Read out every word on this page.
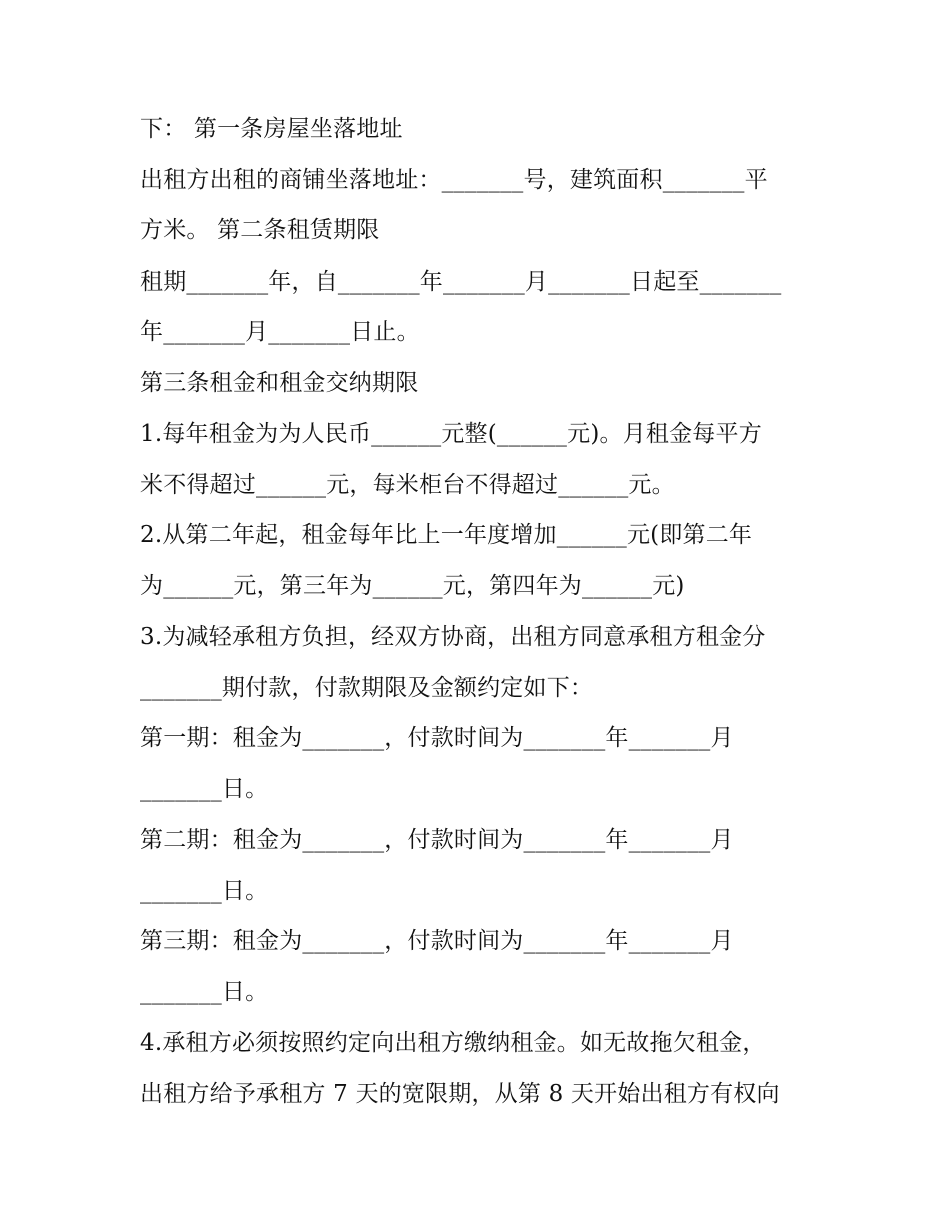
下： 第一条房屋坐落地址
出租方出租的商铺坐落地址：_______号，建筑面积_______平
方米。 第二条租赁期限
租期_______年，自_______年_______月_______日起至_______
年_______月_______日止。
第三条租金和租金交纳期限
1.每年租金为为人民币______元整(______元)。月租金每平方
米不得超过______元，每米柜台不得超过______元。
2.从第二年起，租金每年比上一年度增加______元(即第二年
为______元，第三年为______元，第四年为______元)
3.为减轻承租方负担，经双方协商，出租方同意承租方租金分
_______期付款，付款期限及金额约定如下：
第一期：租金为_______，付款时间为_______年_______月
_______日。
第二期：租金为_______，付款时间为_______年_______月
_______日。
第三期：租金为_______，付款时间为_______年_______月
_______日。
4.承租方必须按照约定向出租方缴纳租金。如无故拖欠租金，
出租方给予承租方 7 天的宽限期，从第 8 天开始出租方有权向
